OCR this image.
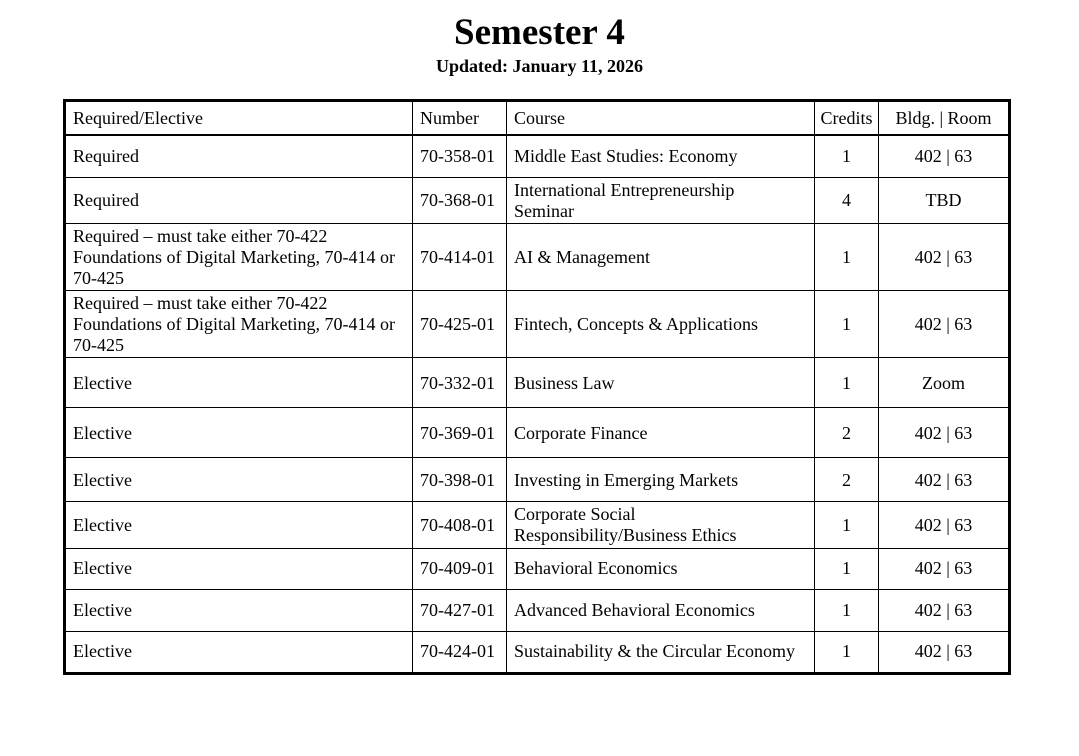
Semester 4
Updated: January 11, 2026
Required/Elective	Number	Course	Credits	Bldg. | Room
Required	70-358-01	Middle East Studies: Economy	1	402 | 63
Required	70-368-01	International Entrepreneurship Seminar	4	TBD
Required – must take either 70-422 Foundations of Digital Marketing, 70-414 or 70-425	70-414-01	AI & Management	1	402 | 63
Required – must take either 70-422 Foundations of Digital Marketing, 70-414 or 70-425	70-425-01	Fintech, Concepts & Applications	1	402 | 63
Elective	70-332-01	Business Law	1	Zoom
Elective	70-369-01	Corporate Finance	2	402 | 63
Elective	70-398-01	Investing in Emerging Markets	2	402 | 63
Elective	70-408-01	Corporate Social Responsibility/Business Ethics	1	402 | 63
Elective	70-409-01	Behavioral Economics	1	402 | 63
Elective	70-427-01	Advanced Behavioral Economics	1	402 | 63
Elective	70-424-01	Sustainability & the Circular Economy	1	402 | 63
